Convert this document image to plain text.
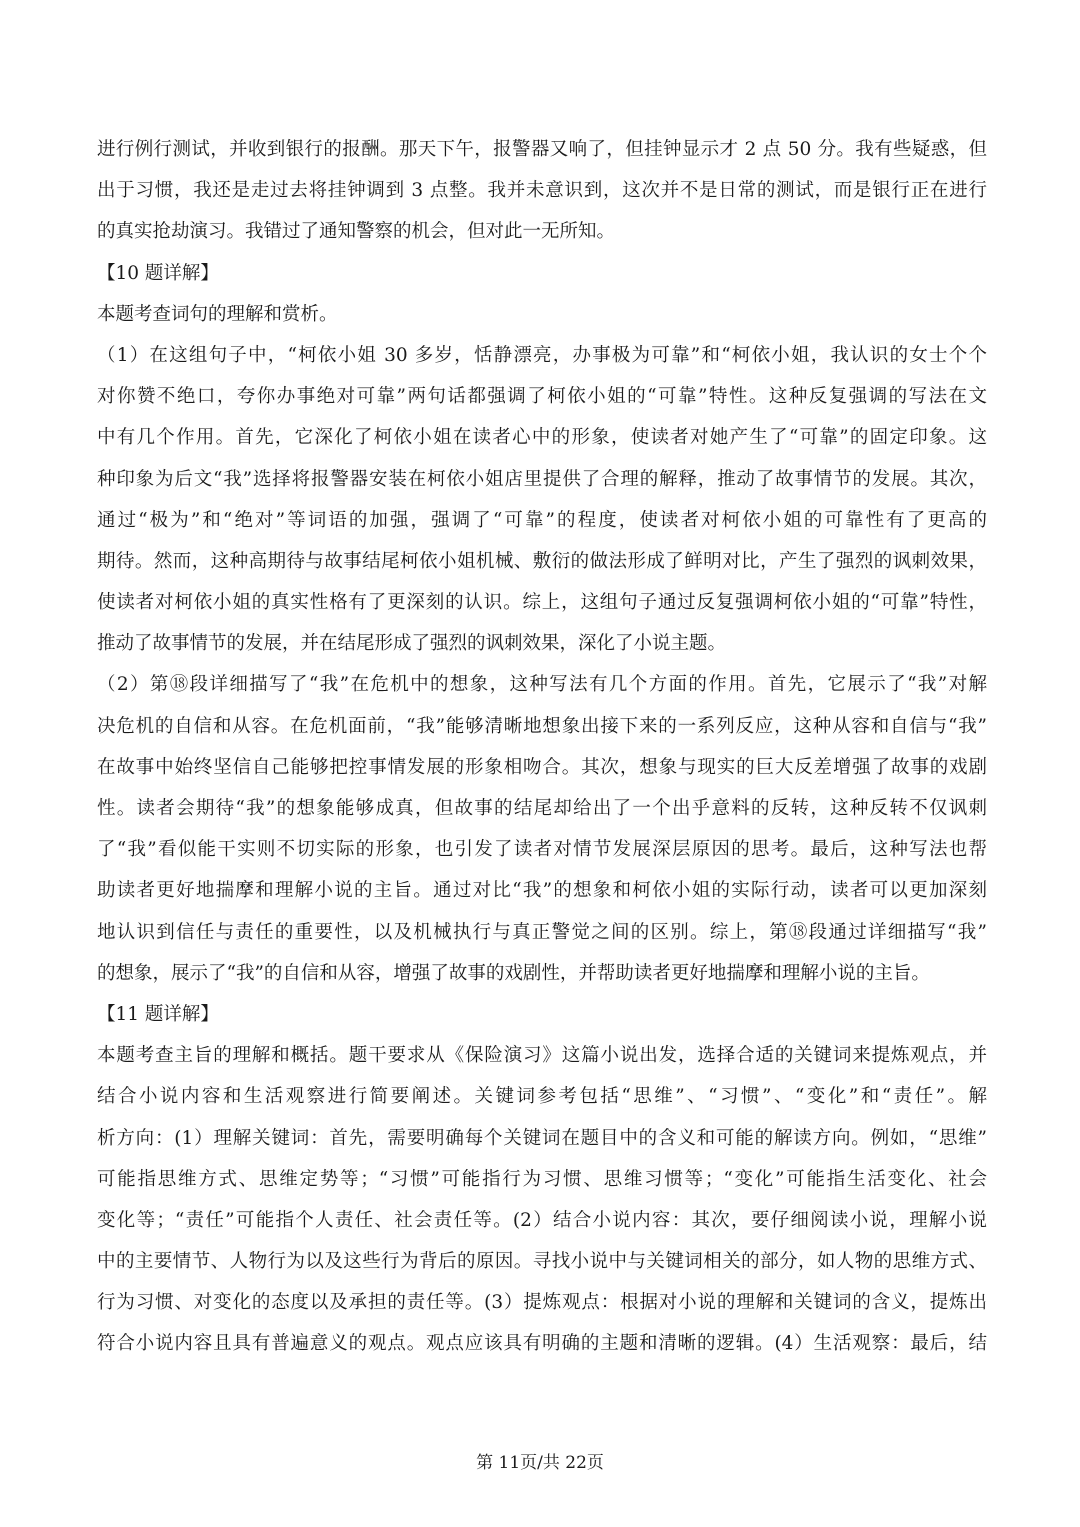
进行例行测试，并收到银行的报酬。那天下午，报警器又响了，但挂钟显示才 2 点 50 分。我有些疑惑，但
出于习惯，我还是走过去将挂钟调到 3 点整。我并未意识到，这次并不是日常的测试，而是银行正在进行
的真实抢劫演习。我错过了通知警察的机会，但对此一无所知。
【10 题详解】
本题考查词句的理解和赏析。
（1）在这组句子中，“柯依小姐 30 多岁，恬静漂亮，办事极为可靠”和“柯依小姐，我认识的女士个个
对你赞不绝口，夸你办事绝对可靠”两句话都强调了柯依小姐的“可靠”特性。这种反复强调的写法在文
中有几个作用。首先，它深化了柯依小姐在读者心中的形象，使读者对她产生了“可靠”的固定印象。这
种印象为后文“我”选择将报警器安装在柯依小姐店里提供了合理的解释，推动了故事情节的发展。其次，
通过“极为”和“绝对”等词语的加强，强调了“可靠”的程度，使读者对柯依小姐的可靠性有了更高的
期待。然而，这种高期待与故事结尾柯依小姐机械、敷衍的做法形成了鲜明对比，产生了强烈的讽刺效果，
使读者对柯依小姐的真实性格有了更深刻的认识。综上，这组句子通过反复强调柯依小姐的“可靠”特性，
推动了故事情节的发展，并在结尾形成了强烈的讽刺效果，深化了小说主题。
（2）第⑱段详细描写了“我”在危机中的想象，这种写法有几个方面的作用。首先，它展示了“我”对解
决危机的自信和从容。在危机面前，“我”能够清晰地想象出接下来的一系列反应，这种从容和自信与“我”
在故事中始终坚信自己能够把控事情发展的形象相吻合。其次，想象与现实的巨大反差增强了故事的戏剧
性。读者会期待“我”的想象能够成真，但故事的结尾却给出了一个出乎意料的反转，这种反转不仅讽刺
了“我”看似能干实则不切实际的形象，也引发了读者对情节发展深层原因的思考。最后，这种写法也帮
助读者更好地揣摩和理解小说的主旨。通过对比“我”的想象和柯依小姐的实际行动，读者可以更加深刻
地认识到信任与责任的重要性，以及机械执行与真正警觉之间的区别。综上，第⑱段通过详细描写“我”
的想象，展示了“我”的自信和从容，增强了故事的戏剧性，并帮助读者更好地揣摩和理解小说的主旨。
【11 题详解】
本题考查主旨的理解和概括。题干要求从《保险演习》这篇小说出发，选择合适的关键词来提炼观点，并
结合小说内容和生活观察进行简要阐述。关键词参考包括“思维”、“习惯”、“变化”和“责任”。解
析方向：(1）理解关键词：首先，需要明确每个关键词在题目中的含义和可能的解读方向。例如，“思维”
可能指思维方式、思维定势等；“习惯”可能指行为习惯、思维习惯等；“变化”可能指生活变化、社会
变化等；“责任”可能指个人责任、社会责任等。(2）结合小说内容：其次，要仔细阅读小说，理解小说
中的主要情节、人物行为以及这些行为背后的原因。寻找小说中与关键词相关的部分，如人物的思维方式、
行为习惯、对变化的态度以及承担的责任等。(3）提炼观点：根据对小说的理解和关键词的含义，提炼出
符合小说内容且具有普遍意义的观点。观点应该具有明确的主题和清晰的逻辑。(4）生活观察：最后，结
第 11页/共 22页
